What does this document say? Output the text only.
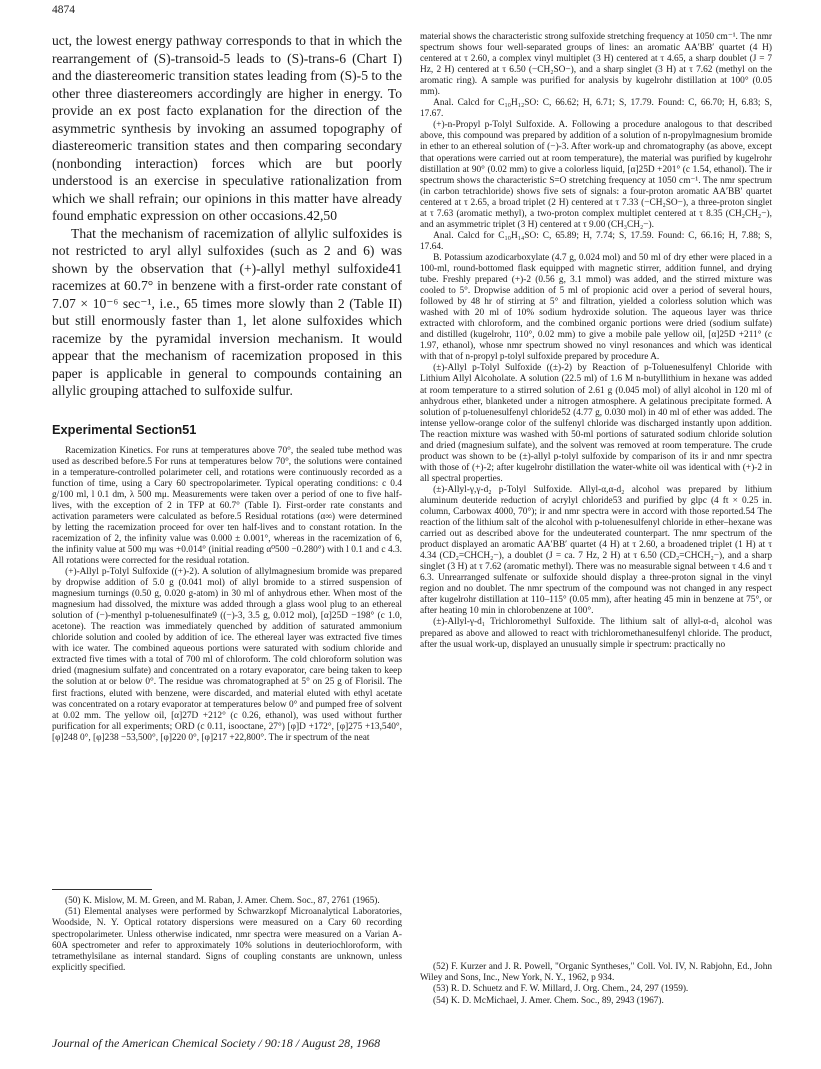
4874

uct, the lowest energy pathway corresponds to that in which the rearrangement of (S)-transoid-5 leads to (S)-trans-6 (Chart I) and the diastereomeric transition states leading from (S)-5 to the other three diastereomers accordingly are higher in energy. To provide an ex post facto explanation for the direction of the asymmetric synthesis by invoking an assumed topography of diastereomeric transition states and then comparing secondary (nonbonding interaction) forces which are but poorly understood is an exercise in speculative rationalization from which we shall refrain; our opinions in this matter have already found emphatic expression on other occasions.42,50

That the mechanism of racemization of allylic sulfoxides is not restricted to aryl allyl sulfoxides (such as 2 and 6) was shown by the observation that (+)-allyl methyl sulfoxide41 racemizes at 60.7° in benzene with a first-order rate constant of 7.07 × 10⁻⁶ sec⁻¹, i.e., 65 times more slowly than 2 (Table II) but still enormously faster than 1, let alone sulfoxides which racemize by the pyramidal inversion mechanism. It would appear that the mechanism of racemization proposed in this paper is applicable in general to compounds containing an allylic grouping attached to sulfoxide sulfur.

Experimental Section51

Racemization Kinetics. For runs at temperatures above 70°, the sealed tube method was used as described before.5 For runs at temperatures below 70°, the solutions were contained in a temperature-controlled polarimeter cell, and rotations were continuously recorded as a function of time, using a Cary 60 spectropolarimeter. Typical operating conditions: c 0.4 g/100 ml, l 0.1 dm, λ 500 mμ. Measurements were taken over a period of one to five half-lives, with the exception of 2 in TFP at 60.7° (Table I). First-order rate constants and activation parameters were calculated as before.5 Residual rotations (α∞) were determined by letting the racemization proceed for over ten half-lives and to constant rotation. In the racemization of 2, the infinity value was 0.000 ± 0.001°, whereas in the racemization of 6, the infinity value at 500 mμ was +0.014° (initial reading α⁰500 −0.280°) with l 0.1 and c 4.3. All rotations were corrected for the residual rotation.

(+)-Allyl p-Tolyl Sulfoxide ((+)-2). A solution of allylmagnesium bromide was prepared by dropwise addition of 5.0 g (0.041 mol) of allyl bromide to a stirred suspension of magnesium turnings (0.50 g, 0.020 g-atom) in 30 ml of anhydrous ether. When most of the magnesium had dissolved, the mixture was added through a glass wool plug to an ethereal solution of (−)-menthyl p-toluenesulfinate9 ((−)-3, 3.5 g, 0.012 mol), [α]25D −198° (c 1.0, acetone). The reaction was immediately quenched by addition of saturated ammonium chloride solution and cooled by addition of ice. The ethereal layer was extracted five times with ice water. The combined aqueous portions were saturated with sodium chloride and extracted five times with a total of 700 ml of chloroform. The cold chloroform solution was dried (magnesium sulfate) and concentrated on a rotary evaporator, care being taken to keep the solution at or below 0°. The residue was chromatographed at 5° on 25 g of Florisil. The first fractions, eluted with benzene, were discarded, and material eluted with ethyl acetate was concentrated on a rotary evaporator at temperatures below 0° and pumped free of solvent at 0.02 mm. The yellow oil, [α]27D +212° (c 0.26, ethanol), was used without further purification for all experiments; ORD (c 0.11, isooctane, 27°) [φ]D +172°, [φ]275 +13,540°, [φ]248 0°, [φ]238 −53,500°, [φ]220 0°, [φ]217 +22,800°. The ir spectrum of the neat

(50) K. Mislow, M. M. Green, and M. Raban, J. Amer. Chem. Soc., 87, 2761 (1965).

(51) Elemental analyses were performed by Schwarzkopf Microanalytical Laboratories, Woodside, N. Y. Optical rotatory dispersions were measured on a Cary 60 recording spectropolarimeter. Unless otherwise indicated, nmr spectra were measured on a Varian A-60A spectrometer and refer to approximately 10% solutions in deuteriochloroform, with tetramethylsilane as internal standard. Signs of coupling constants are unknown, unless explicitly specified.

material shows the characteristic strong sulfoxide stretching frequency at 1050 cm⁻¹. The nmr spectrum shows four well-separated groups of lines: an aromatic AA′BB′ quartet (4 H) centered at τ 2.60, a complex vinyl multiplet (3 H) centered at τ 4.65, a sharp doublet (J = 7 Hz, 2 H) centered at τ 6.50 (−CH₂SO−), and a sharp singlet (3 H) at τ 7.62 (methyl on the aromatic ring). A sample was purified for analysis by kugelrohr distillation at 100° (0.05 mm).

Anal. Calcd for C₁₀H₁₂SO: C, 66.62; H, 6.71; S, 17.79. Found: C, 66.70; H, 6.83; S, 17.67.

(+)-n-Propyl p-Tolyl Sulfoxide. A. Following a procedure analogous to that described above, this compound was prepared by addition of a solution of n-propylmagnesium bromide in ether to an ethereal solution of (−)-3. After work-up and chromatography (as above, except that operations were carried out at room temperature), the material was purified by kugelrohr distillation at 90° (0.02 mm) to give a colorless liquid, [α]25D +201° (c 1.54, ethanol). The ir spectrum shows the characteristic S=O stretching frequency at 1050 cm⁻¹. The nmr spectrum (in carbon tetrachloride) shows five sets of signals: a four-proton aromatic AA′BB′ quartet centered at τ 2.65, a broad triplet (2 H) centered at τ 7.33 (−CH₂SO−), a three-proton singlet at τ 7.63 (aromatic methyl), a two-proton complex multiplet centered at τ 8.35 (CH₂CH₂−), and an asymmetric triplet (3 H) centered at τ 9.00 (CH₃CH₂−).

Anal. Calcd for C₁₀H₁₄SO: C, 65.89; H, 7.74; S, 17.59. Found: C, 66.16; H, 7.88; S, 17.64.

B. Potassium azodicarboxylate (4.7 g, 0.024 mol) and 50 ml of dry ether were placed in a 100-ml, round-bottomed flask equipped with magnetic stirrer, addition funnel, and drying tube. Freshly prepared (+)-2 (0.56 g, 3.1 mmol) was added, and the stirred mixture was cooled to 5°. Dropwise addition of 5 ml of propionic acid over a period of several hours, followed by 48 hr of stirring at 5° and filtration, yielded a colorless solution which was washed with 20 ml of 10% sodium hydroxide solution. The aqueous layer was thrice extracted with chloroform, and the combined organic portions were dried (sodium sulfate) and distilled (kugelrohr, 110°, 0.02 mm) to give a mobile pale yellow oil, [α]25D +211° (c 1.97, ethanol), whose nmr spectrum showed no vinyl resonances and which was identical with that of n-propyl p-tolyl sulfoxide prepared by procedure A.

(±)-Allyl p-Tolyl Sulfoxide ((±)-2) by Reaction of p-Toluenesulfenyl Chloride with Lithium Allyl Alcoholate. A solution (22.5 ml) of 1.6 M n-butyllithium in hexane was added at room temperature to a stirred solution of 2.61 g (0.045 mol) of allyl alcohol in 120 ml of anhydrous ether, blanketed under a nitrogen atmosphere. A gelatinous precipitate formed. A solution of p-toluenesulfenyl chloride52 (4.77 g, 0.030 mol) in 40 ml of ether was added. The intense yellow-orange color of the sulfenyl chloride was discharged instantly upon addition. The reaction mixture was washed with 50-ml portions of saturated sodium chloride solution and dried (magnesium sulfate), and the solvent was removed at room temperature. The crude product was shown to be (±)-allyl p-tolyl sulfoxide by comparison of its ir and nmr spectra with those of (+)-2; after kugelrohr distillation the water-white oil was identical with (+)-2 in all spectral properties.

(±)-Allyl-γ,γ-d₂ p-Tolyl Sulfoxide. Allyl-α,α-d₂ alcohol was prepared by lithium aluminum deuteride reduction of acrylyl chloride53 and purified by glpc (4 ft × 0.25 in. column, Carbowax 4000, 70°); ir and nmr spectra were in accord with those reported.54 The reaction of the lithium salt of the alcohol with p-toluenesulfenyl chloride in ether–hexane was carried out as described above for the undeuterated counterpart. The nmr spectrum of the product displayed an aromatic AA′BB′ quartet (4 H) at τ 2.60, a broadened triplet (1 H) at τ 4.34 (CD₂=CHCH₂−), a doublet (J = ca. 7 Hz, 2 H) at τ 6.50 (CD₂=CHCH₂−), and a sharp singlet (3 H) at τ 7.62 (aromatic methyl). There was no measurable signal between τ 4.6 and τ 6.3. Unrearranged sulfenate or sulfoxide should display a three-proton signal in the vinyl region and no doublet. The nmr spectrum of the compound was not changed in any respect after kugelrohr distillation at 110–115° (0.05 mm), after heating 45 min in benzene at 75°, or after heating 10 min in chlorobenzene at 100°.

(±)-Allyl-γ-d₁ Trichloromethyl Sulfoxide. The lithium salt of allyl-α-d₁ alcohol was prepared as above and allowed to react with trichloromethanesulfenyl chloride. The product, after the usual work-up, displayed an unusually simple ir spectrum: practically no

(52) F. Kurzer and J. R. Powell, "Organic Syntheses," Coll. Vol. IV, N. Rabjohn, Ed., John Wiley and Sons, Inc., New York, N. Y., 1962, p 934.

(53) R. D. Schuetz and F. W. Millard, J. Org. Chem., 24, 297 (1959).

(54) K. D. McMichael, J. Amer. Chem. Soc., 89, 2943 (1967).

Journal of the American Chemical Society / 90:18 / August 28, 1968
